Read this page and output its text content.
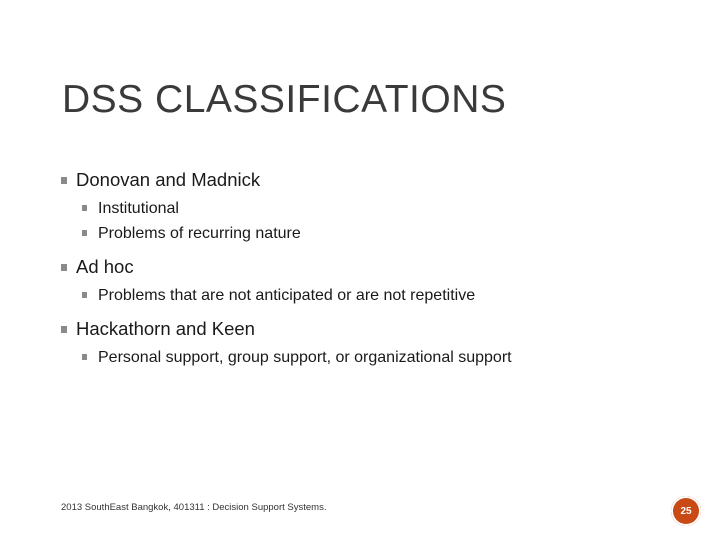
DSS CLASSIFICATIONS
Donovan and Madnick
Institutional
Problems of recurring nature
Ad hoc
Problems that are not anticipated or are not repetitive
Hackathorn and Keen
Personal support, group support, or organizational support
2013 SouthEast Bangkok, 401311 : Decision Support Systems.	25
